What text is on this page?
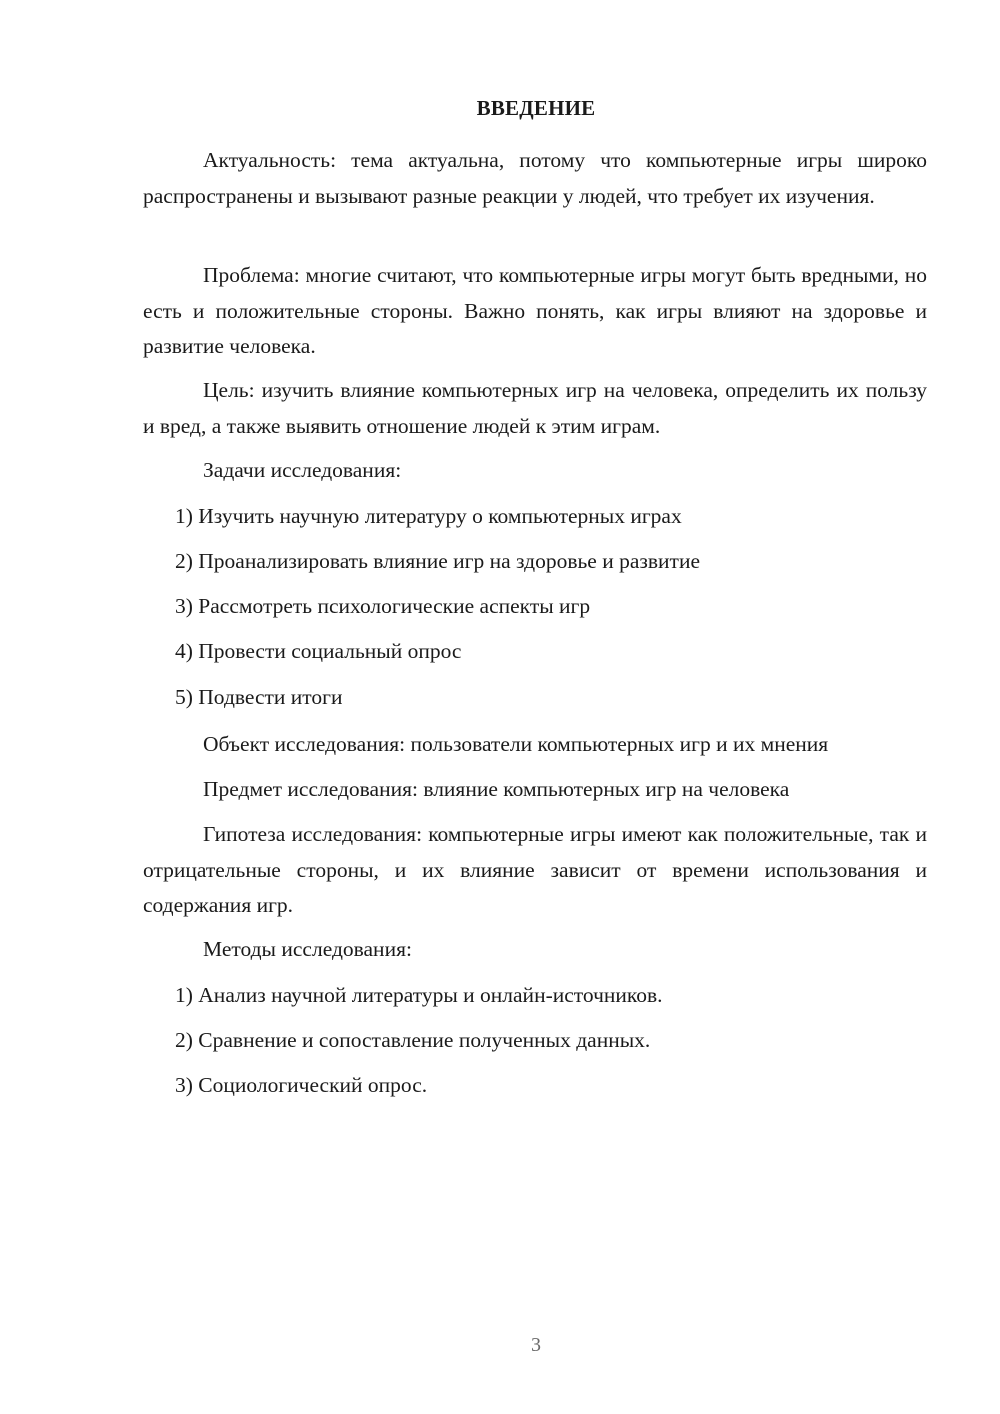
ВВЕДЕНИЕ

Актуальность: тема актуальна, потому что компьютерные игры широко распространены и вызывают разные реакции у людей, что требует их изучения.

Проблема: многие считают, что компьютерные игры могут быть вредными, но есть и положительные стороны. Важно понять, как игры влияют на здоровье и развитие человека.

Цель: изучить влияние компьютерных игр на человека, определить их пользу и вред, а также выявить отношение людей к этим играм.

Задачи исследования:

1) Изучить научную литературу о компьютерных играх

2) Проанализировать влияние игр на здоровье и развитие

3) Рассмотреть психологические аспекты игр

4) Провести социальный опрос

5) Подвести итоги

Объект исследования: пользователи компьютерных игр и их мнения

Предмет исследования: влияние компьютерных игр на человека

Гипотеза исследования: компьютерные игры имеют как положительные, так и отрицательные стороны, и их влияние зависит от времени использования и содержания игр.

Методы исследования:

1) Анализ научной литературы и онлайн-источников.

2) Сравнение и сопоставление полученных данных.

3) Социологический опрос.

3
